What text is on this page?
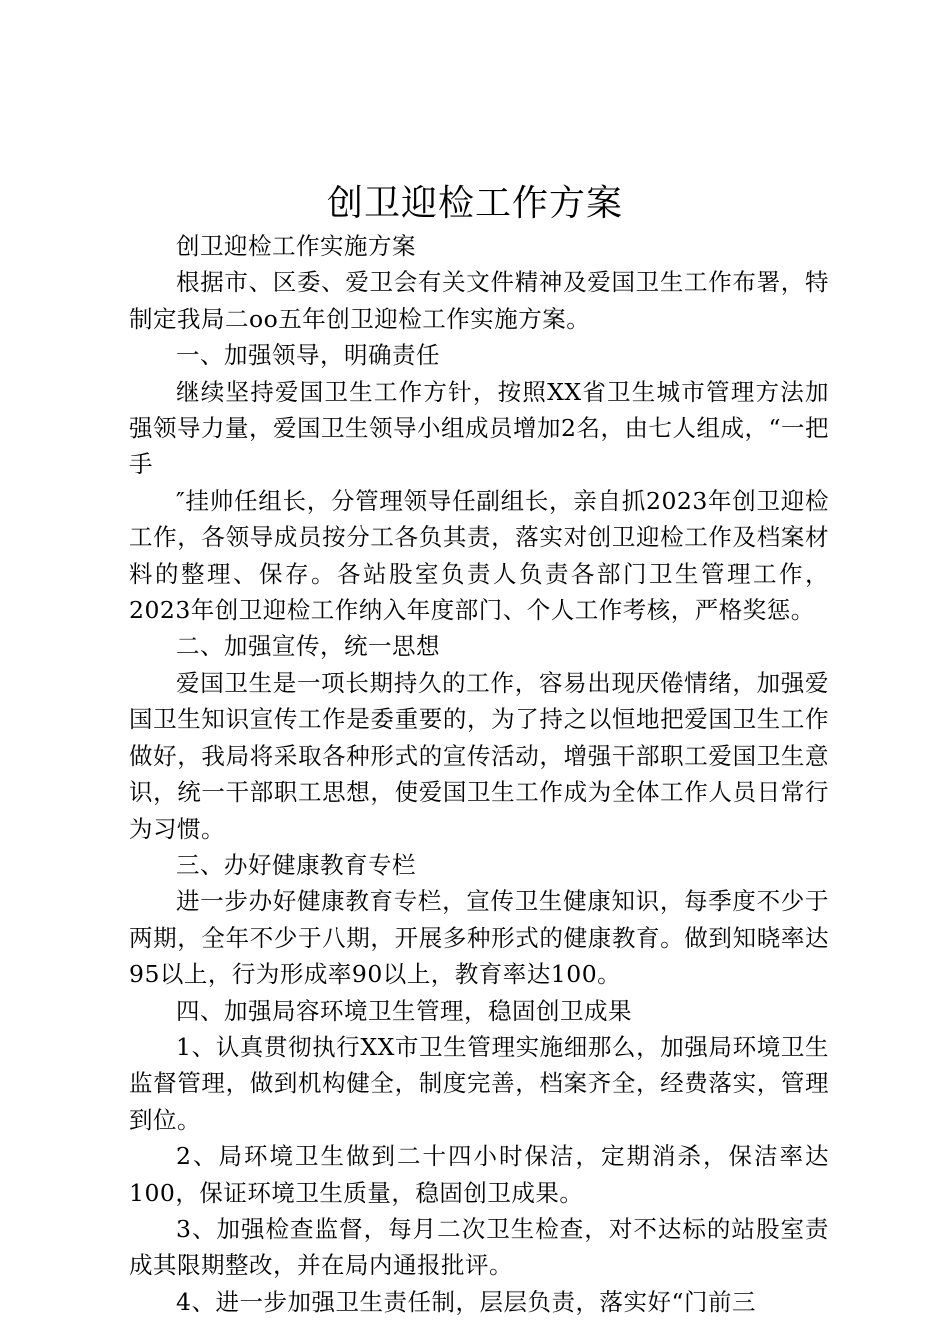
创卫迎检工作方案

创卫迎检工作实施方案

根据市、区委、爱卫会有关文件精神及爱国卫生工作布署，特制定我局二oo五年创卫迎检工作实施方案。

一、加强领导，明确责任

继续坚持爱国卫生工作方针，按照XX省卫生城市管理方法加强领导力量，爱国卫生领导小组成员增加2名，由七人组成，“一把手

″挂帅任组长，分管理领导任副组长，亲自抓2023年创卫迎检工作，各领导成员按分工各负其责，落实对创卫迎检工作及档案材料的整理、保存。各站股室负责人负责各部门卫生管理工作，2023年创卫迎检工作纳入年度部门、个人工作考核，严格奖惩。

二、加强宣传，统一思想

爱国卫生是一项长期持久的工作，容易出现厌倦情绪，加强爱国卫生知识宣传工作是委重要的，为了持之以恒地把爱国卫生工作做好，我局将采取各种形式的宣传活动，增强干部职工爱国卫生意识，统一干部职工思想，使爱国卫生工作成为全体工作人员日常行为习惯。

三、办好健康教育专栏

进一步办好健康教育专栏，宣传卫生健康知识，每季度不少于两期，全年不少于八期，开展多种形式的健康教育。做到知晓率达95以上，行为形成率90以上，教育率达100。

四、加强局容环境卫生管理，稳固创卫成果

1、认真贯彻执行XX市卫生管理实施细那么，加强局环境卫生监督管理，做到机构健全，制度完善，档案齐全，经费落实，管理到位。

2、局环境卫生做到二十四小时保洁，定期消杀，保洁率达100，保证环境卫生质量，稳固创卫成果。

3、加强检查监督，每月二次卫生检查，对不达标的站股室责成其限期整改，并在局内通报批评。

4、进一步加强卫生责任制，层层负责，落实好“门前三
